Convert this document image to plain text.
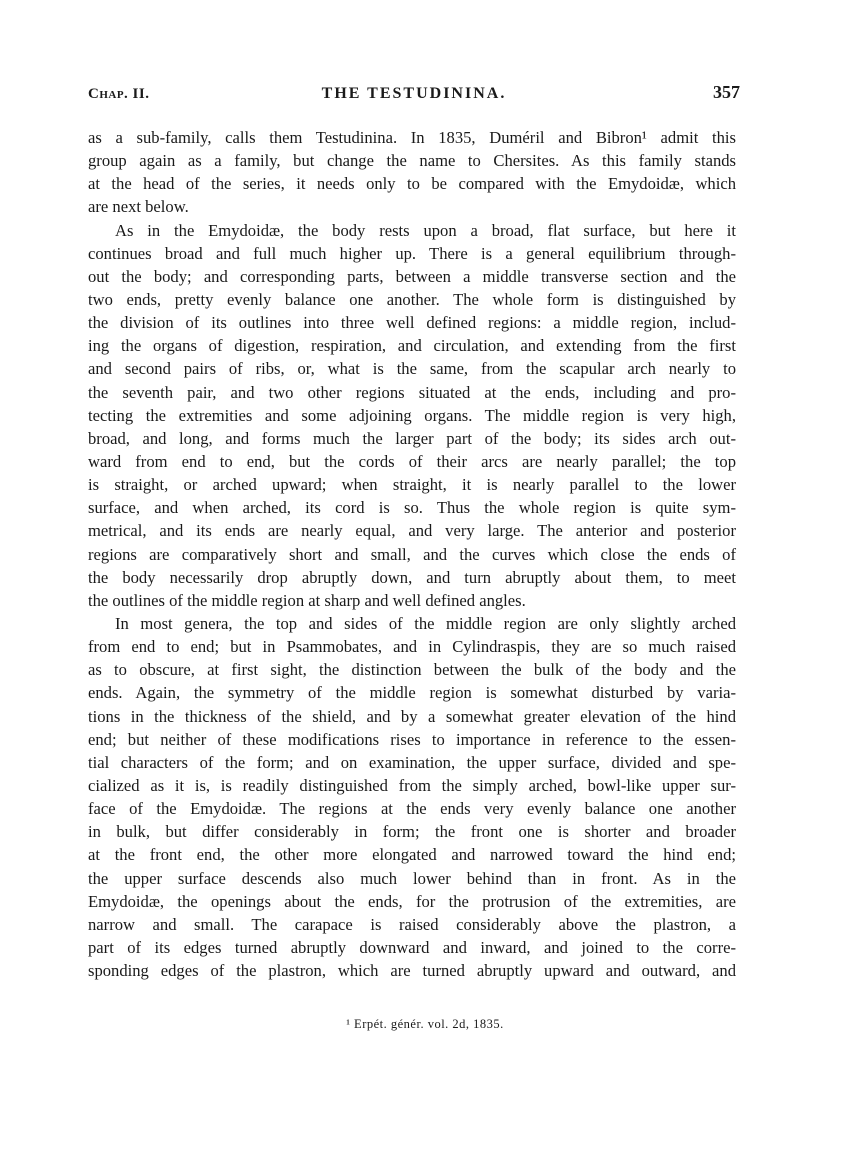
Chap. II.	THE TESTUDININA.	357
as a sub-family, calls them Testudinina. In 1835, Duméril and Bibron¹ admit this
group again as a family, but change the name to Chersites. As this family stands
at the head of the series, it needs only to be compared with the Emydoidæ, which
are next below.
As in the Emydoidæ, the body rests upon a broad, flat surface, but here it
continues broad and full much higher up. There is a general equilibrium through-
out the body; and corresponding parts, between a middle transverse section and the
two ends, pretty evenly balance one another. The whole form is distinguished by
the division of its outlines into three well defined regions: a middle region, includ-
ing the organs of digestion, respiration, and circulation, and extending from the first
and second pairs of ribs, or, what is the same, from the scapular arch nearly to
the seventh pair, and two other regions situated at the ends, including and pro-
tecting the extremities and some adjoining organs. The middle region is very high,
broad, and long, and forms much the larger part of the body; its sides arch out-
ward from end to end, but the cords of their arcs are nearly parallel; the top
is straight, or arched upward; when straight, it is nearly parallel to the lower
surface, and when arched, its cord is so. Thus the whole region is quite sym-
metrical, and its ends are nearly equal, and very large. The anterior and posterior
regions are comparatively short and small, and the curves which close the ends of
the body necessarily drop abruptly down, and turn abruptly about them, to meet
the outlines of the middle region at sharp and well defined angles.
In most genera, the top and sides of the middle region are only slightly arched
from end to end; but in Psammobates, and in Cylindraspis, they are so much raised
as to obscure, at first sight, the distinction between the bulk of the body and the
ends. Again, the symmetry of the middle region is somewhat disturbed by varia-
tions in the thickness of the shield, and by a somewhat greater elevation of the hind
end; but neither of these modifications rises to importance in reference to the essen-
tial characters of the form; and on examination, the upper surface, divided and spe-
cialized as it is, is readily distinguished from the simply arched, bowl-like upper sur-
face of the Emydoidæ. The regions at the ends very evenly balance one another
in bulk, but differ considerably in form; the front one is shorter and broader
at the front end, the other more elongated and narrowed toward the hind end;
the upper surface descends also much lower behind than in front. As in the
Emydoidæ, the openings about the ends, for the protrusion of the extremities, are
narrow and small. The carapace is raised considerably above the plastron, a
part of its edges turned abruptly downward and inward, and joined to the corre-
sponding edges of the plastron, which are turned abruptly upward and outward, and
¹ Erpét. génér. vol. 2d, 1835.
